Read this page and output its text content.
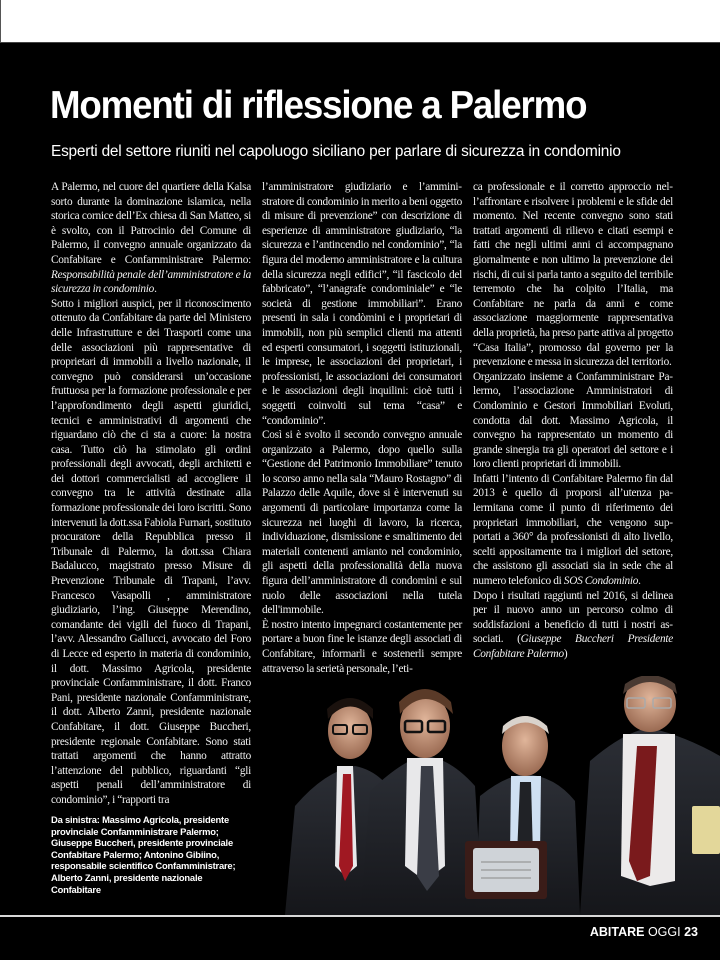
Momenti di riflessione a Palermo
Esperti del settore riuniti nel capoluogo siciliano per parlare di sicurezza in condominio

A Palermo, nel cuore del quartiere della Kalsa sorto durante la dominazione islamica, nella storica cornice dell’Ex chiesa di San Matteo, si è svolto, con il Patrocinio del Comune di Palermo, il convegno annuale organizzato da Confabitare e Confamministrare Palermo: Responsabilità penale dell’amministratore e la sicurezza in condominio.

Sotto i migliori auspici, per il riconoscimento ottenuto da Confabitare da parte del Ministero delle Infrastrutture e dei Trasporti come una delle associazioni più rappresentative di proprietari di immobili a livello nazionale, il convegno può considerarsi un’occasione fruttuosa per la formazione professionale e per l’approfondimento degli aspetti giuridici, tecnici e amministrativi di argomenti che riguardano ciò che ci sta a cuore: la nostra casa. Tutto ciò ha stimolato gli ordini professionali degli avvocati, degli architetti e dei dottori commercialisti ad accogliere il convegno tra le attività destinate alla formazione professionale dei loro iscritti. Sono intervenuti la dott.ssa Fabiola Furnari, sostituto procuratore della Repubblica presso il Tribunale di Palermo, la dott.ssa Chiara Badalucco, magistrato presso Misure di Prevenzione Tribunale di Trapani, l’avv. Francesco Vasapolli , amministratore giudiziario, l’ing. Giuseppe Merendino, comandante dei vigili del fuoco di Trapani, l’avv. Alessandro Gallucci, avvocato del Foro di Lecce ed esperto in materia di condominio, il dott. Massimo Agricola, presidente provinciale Confamministrare, il dott. Franco Pani, presidente nazionale Confamministrare, il dott. Alberto Zanni, presidente nazionale Confabitare, il dott. Giuseppe Buccheri, presidente regionale Confabitare. Sono stati trattati argomenti che hanno attratto l’attenzione del pubblico, riguardanti “gli aspetti penali dell’amministratore di condominio”, i “rapporti tra

l’amministratore giudiziario e l’amministratore di condominio in merito a beni oggetto di misure di prevenzione” con descrizione di esperienze di amministratore giudiziario, “la sicurezza e l’antincendio nel condominio”, “la figura del moderno amministratore e la cultura della sicurezza negli edifici”, “il fascicolo del fabbricato”, “l’anagrafe condominiale” e “le società di gestione immobiliari”. Erano presenti in sala i condòmini e i proprietari di immobili, non più semplici clienti ma attenti ed esperti consumatori, i soggetti istituzionali, le imprese, le associazioni dei proprietari, i professionisti, le associazioni dei consumatori e le associazioni degli inquilini: cioè tutti i soggetti coinvolti sul tema “casa” e “condominio”.

Così si è svolto il secondo convegno annuale organizzato a Palermo, dopo quello sulla “Gestione del Patrimonio Immobiliare” tenuto lo scorso anno nella sala “Mauro Rostagno” di Palazzo delle Aquile, dove si è intervenuti su argomenti di particolare importanza come la sicurezza nei luoghi di lavoro, la ricerca, individuazione, dismissione e smaltimento dei materiali contenenti amianto nel condominio, gli aspetti della professionalità della nuova figura dell’amministratore di condomini e sul ruolo delle associazioni nella tutela dell'immobile.

È nostro intento impegnarci costantemente per portare a buon fine le istanze degli associati di Confabitare, informarli e sostenerli sempre attraverso la serietà personale, l’eti-

ca professionale e il corretto approccio nell’affrontare e risolvere i problemi e le sfide del momento. Nel recente convegno sono stati trattati argomenti di rilievo e citati esempi e fatti che negli ultimi anni ci accompagnano giornalmente e non ultimo la prevenzione dei rischi, di cui si parla tanto a seguito del terribile terremoto che ha colpito l’Italia, ma Confabitare ne parla da anni e come associazione maggiormente rappresentativa della proprietà, ha preso parte attiva al progetto “Casa Italia”, promosso dal governo per la prevenzione e messa in sicurezza del territorio.

Organizzato insieme a Confamministrare Palermo, l’associazione Amministratori di Condominio e Gestori Immobiliari Evoluti, condotta dal dott. Massimo Agricola, il convegno ha rappresentato un momento di grande sinergia tra gli operatori del settore e i loro clienti proprietari di immobili.

Infatti l’intento di Confabitare Palermo fin dal 2013 è quello di proporsi all’utenza palermitana come il punto di riferimento dei proprietari immobiliari, che vengono supportati a 360° da professionisti di alto livello, scelti appositamente tra i migliori del settore, che assistono gli associati sia in sede che al numero telefonico di SOS Condominio.

Dopo i risultati raggiunti nel 2016, si delinea per il nuovo anno un percorso colmo di soddisfazioni a beneficio di tutti i nostri associati. (Giuseppe Buccheri Presidente Confabitare Palermo)

Da sinistra: Massimo Agricola, presidente provinciale Confamministrare Palermo; Giuseppe Buccheri, presidente provinciale Confabitare Palermo; Antonino Gibiino, responsabile scientifico Confamministrare; Alberto Zanni, presidente nazionale Confabitare
ABITARE OGGI 23
